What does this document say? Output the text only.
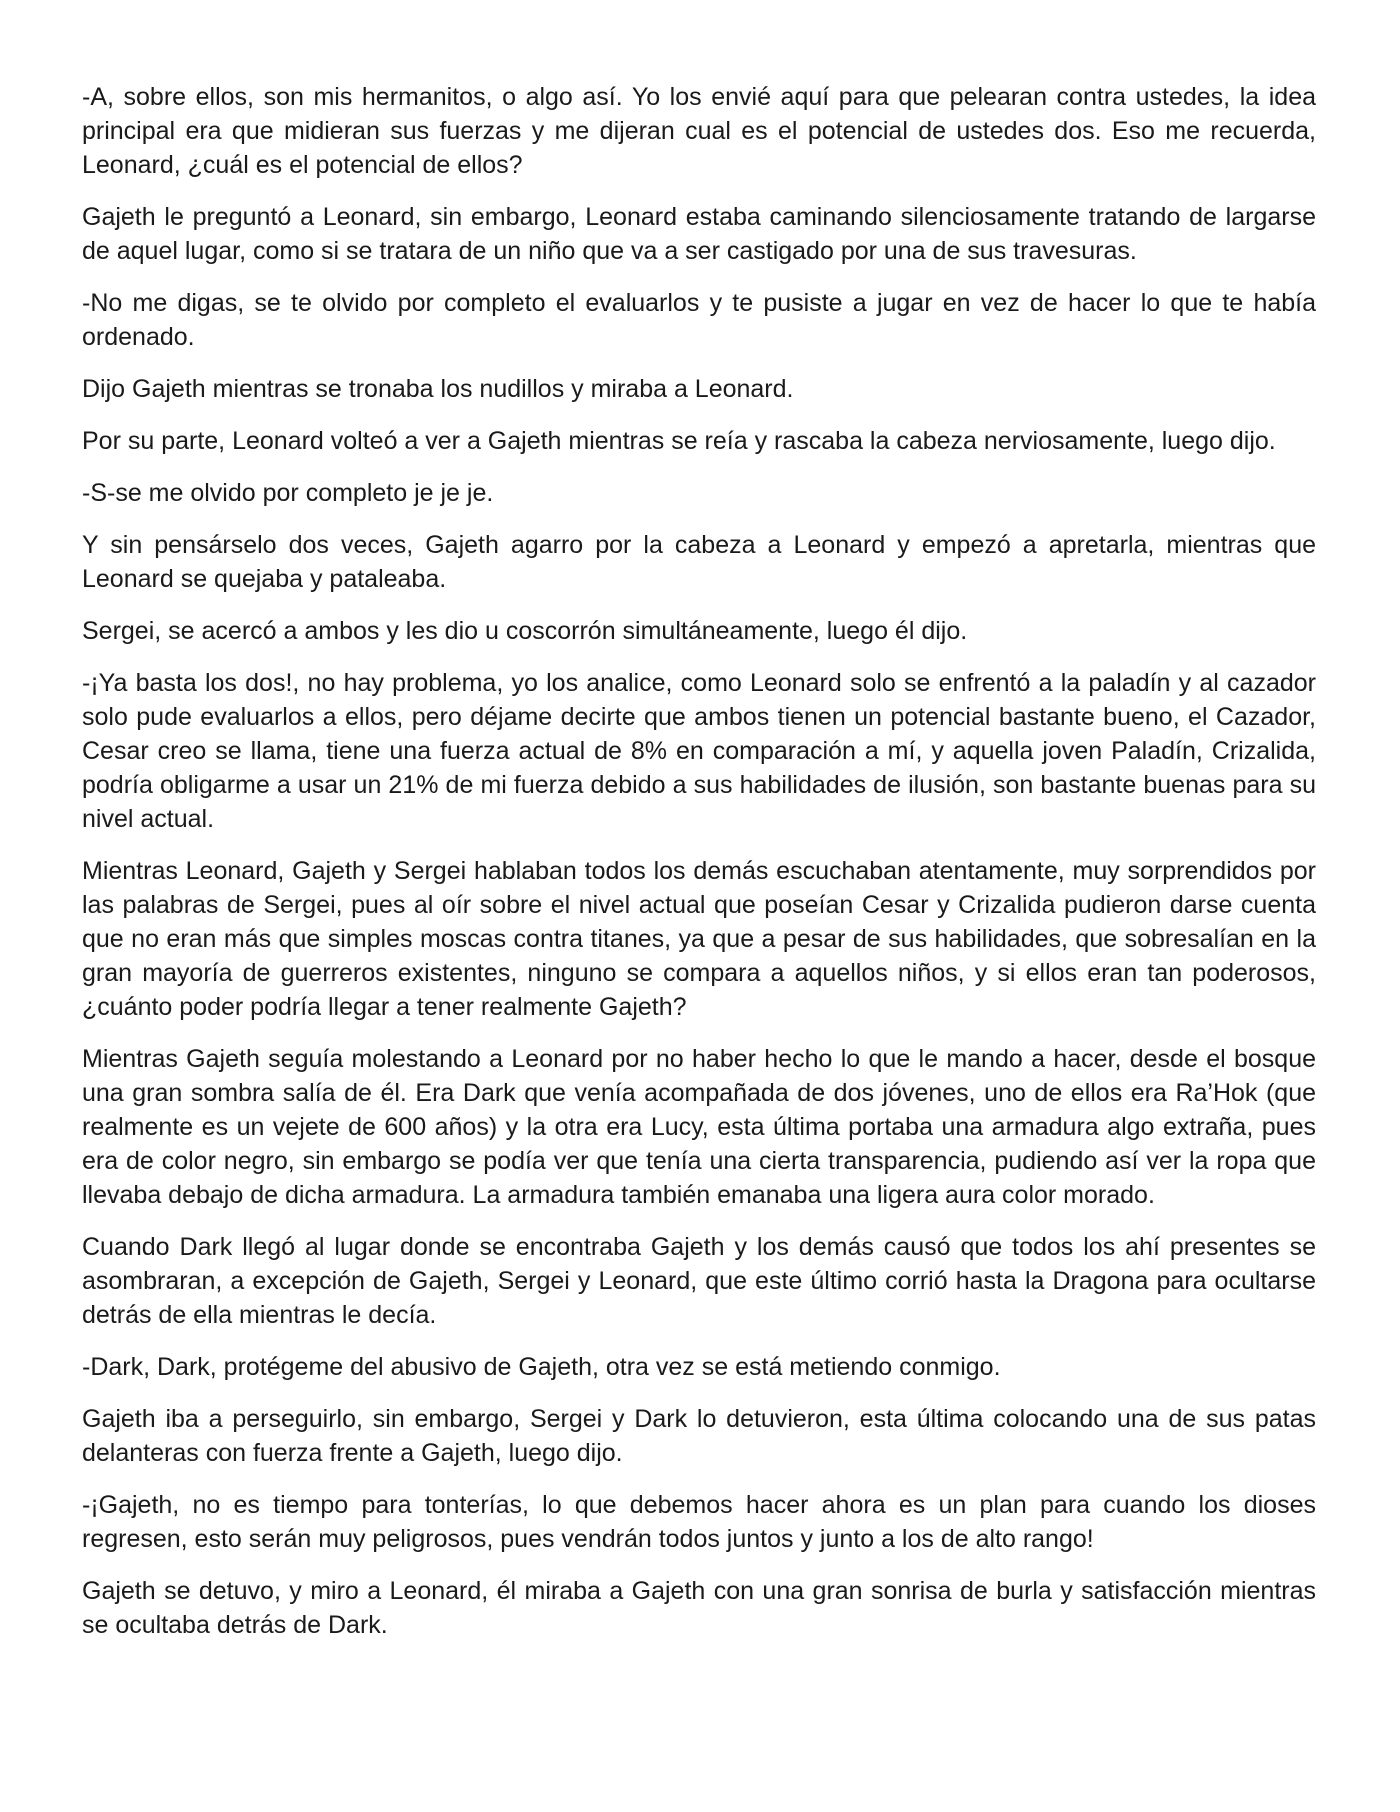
-A, sobre ellos, son mis hermanitos, o algo así. Yo los envié aquí para que pelearan contra ustedes, la idea principal era que midieran sus fuerzas y me dijeran cual es el potencial de ustedes dos. Eso me recuerda, Leonard, ¿cuál es el potencial de ellos?

Gajeth le preguntó a Leonard, sin embargo, Leonard estaba caminando silenciosamente tratando de largarse de aquel lugar, como si se tratara de un niño que va a ser castigado por una de sus travesuras.

-No me digas, se te olvido por completo el evaluarlos y te pusiste a jugar en vez de hacer lo que te había ordenado.

Dijo Gajeth mientras se tronaba los nudillos y miraba a Leonard.

Por su parte, Leonard volteó a ver a Gajeth mientras se reía y rascaba la cabeza nerviosamente, luego dijo.

-S-se me olvido por completo je je je.

Y sin pensárselo dos veces, Gajeth agarro por la cabeza a Leonard y empezó a apretarla, mientras que Leonard se quejaba y pataleaba.

Sergei, se acercó a ambos y les dio u coscorrón simultáneamente, luego él dijo.

-¡Ya basta los dos!, no hay problema, yo los analice, como Leonard solo se enfrentó a la paladín y al cazador solo pude evaluarlos a ellos, pero déjame decirte que ambos tienen un potencial bastante bueno, el Cazador, Cesar creo se llama, tiene una fuerza actual de 8% en comparación a mí, y aquella joven Paladín, Crizalida, podría obligarme a usar un 21% de mi fuerza debido a sus habilidades de ilusión, son bastante buenas para su nivel actual.

Mientras Leonard, Gajeth y Sergei hablaban todos los demás escuchaban atentamente, muy sorprendidos por las palabras de Sergei, pues al oír sobre el nivel actual que poseían Cesar y Crizalida pudieron darse cuenta que no eran más que simples moscas contra titanes, ya que a pesar de sus habilidades, que sobresalían en la gran mayoría de guerreros existentes, ninguno se compara a aquellos niños, y si ellos eran tan poderosos, ¿cuánto poder podría llegar a tener realmente Gajeth?

Mientras Gajeth seguía molestando a Leonard por no haber hecho lo que le mando a hacer, desde el bosque una gran sombra salía de él. Era Dark que venía acompañada de dos jóvenes, uno de ellos era Ra’Hok (que realmente es un vejete de 600 años) y la otra era Lucy, esta última portaba una armadura algo extraña, pues era de color negro, sin embargo se podía ver que tenía una cierta transparencia, pudiendo así ver la ropa que llevaba debajo de dicha armadura. La armadura también emanaba una ligera aura color morado.

Cuando Dark llegó al lugar donde se encontraba Gajeth y los demás causó que todos los ahí presentes se asombraran, a excepción de Gajeth, Sergei y Leonard, que este último corrió hasta la Dragona para ocultarse detrás de ella mientras le decía.

-Dark, Dark, protégeme del abusivo de Gajeth, otra vez se está metiendo conmigo.

Gajeth iba a perseguirlo, sin embargo, Sergei y Dark lo detuvieron, esta última colocando una de sus patas delanteras con fuerza frente a Gajeth, luego dijo.

-¡Gajeth, no es tiempo para tonterías, lo que debemos hacer ahora es un plan para cuando los dioses regresen, esto serán muy peligrosos, pues vendrán todos juntos y junto a los de alto rango!

Gajeth se detuvo, y miro a Leonard, él miraba a Gajeth con una gran sonrisa de burla y satisfacción mientras se ocultaba detrás de Dark.
